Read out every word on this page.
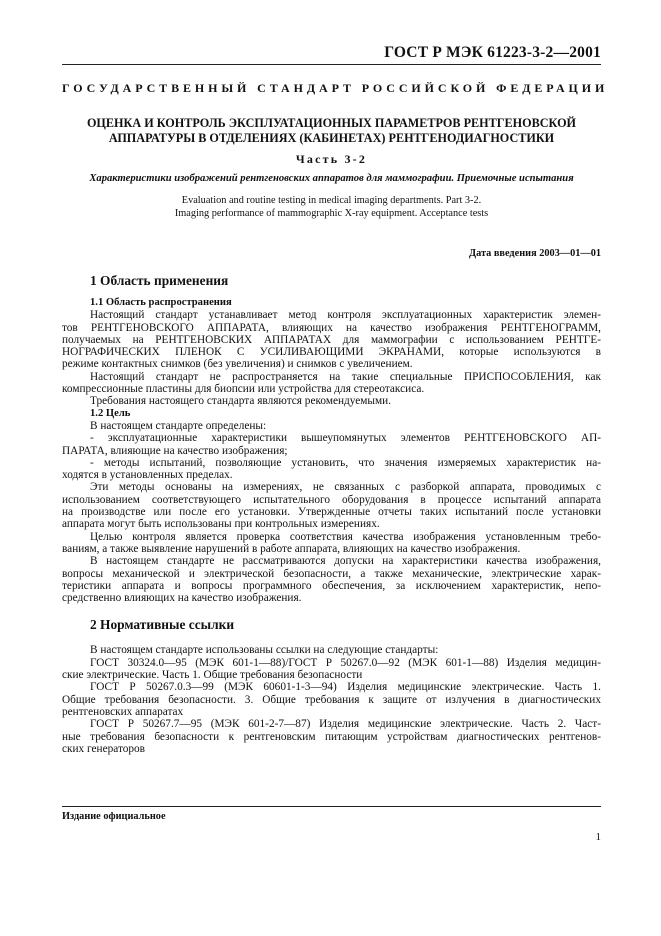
ГОСТ Р МЭК 61223-3-2—2001
ГОСУДАРСТВЕННЫЙ СТАНДАРТ РОССИЙСКОЙ ФЕДЕРАЦИИ
ОЦЕНКА И КОНТРОЛЬ ЭКСПЛУАТАЦИОННЫХ ПАРАМЕТРОВ РЕНТГЕНОВСКОЙ
АППАРАТУРЫ В ОТДЕЛЕНИЯХ (КАБИНЕТАХ) РЕНТГЕНОДИАГНОСТИКИ
Часть 3-2
Характеристики изображений рентгеновских аппаратов для маммографии. Приемочные испытания
Evaluation and routine testing in medical imaging departments. Part 3-2.
Imaging performance of mammographic X-ray equipment. Acceptance tests
Дата введения 2003—01—01
1 Область применения
1.1 Область распространения
Настоящий стандарт устанавливает метод контроля эксплуатационных характеристик элемен-
тов РЕНТГЕНОВСКОГО АППАРАТА, влияющих на качество изображения РЕНТГЕНОГРАММ,
получаемых на РЕНТГЕНОВСКИХ АППАРАТАХ для маммографии с использованием РЕНТГЕ-
НОГРАФИЧЕСКИХ ПЛЕНОК С УСИЛИВАЮЩИМИ ЭКРАНАМИ, которые используются в
режиме контактных снимков (без увеличения) и снимков с увеличением.
Настоящий стандарт не распространяется на такие специальные ПРИСПОСОБЛЕНИЯ, как
компрессионные пластины для биопсии или устройства для стереотаксиса.
Требования настоящего стандарта являются рекомендуемыми.
1.2 Цель
В настоящем стандарте определены:
- эксплуатационные характеристики вышеупомянутых элементов РЕНТГЕНОВСКОГО АП-
ПАРАТА, влияющие на качество изображения;
- методы испытаний, позволяющие установить, что значения измеряемых характеристик на-
ходятся в установленных пределах.
Эти методы основаны на измерениях, не связанных с разборкой аппарата, проводимых с
использованием соответствующего испытательного оборудования в процессе испытаний аппарата
на производстве или после его установки. Утвержденные отчеты таких испытаний после установки
аппарата могут быть использованы при контрольных измерениях.
Целью контроля является проверка соответствия качества изображения установленным требо-
ваниям, а также выявление нарушений в работе аппарата, влияющих на качество изображения.
В настоящем стандарте не рассматриваются допуски на характеристики качества изображения,
вопросы механической и электрической безопасности, а также механические, электрические харак-
теристики аппарата и вопросы программного обеспечения, за исключением характеристик, непо-
средственно влияющих на качество изображения.
2 Нормативные ссылки
В настоящем стандарте использованы ссылки на следующие стандарты:
ГОСТ 30324.0—95 (МЭК 601-1—88)/ГОСТ Р 50267.0—92 (МЭК 601-1—88) Изделия медицин-
ские электрические. Часть 1. Общие требования безопасности
ГОСТ Р 50267.0.3—99 (МЭК 60601-1-3—94) Изделия медицинские электрические. Часть 1.
Общие требования безопасности. 3. Общие требования к защите от излучения в диагностических
рентгеновских аппаратах
ГОСТ Р 50267.7—95 (МЭК 601-2-7—87) Изделия медицинские электрические. Часть 2. Част-
ные требования безопасности к рентгеновским питающим устройствам диагностических рентгенов-
ских генераторов
Издание официальное
1
